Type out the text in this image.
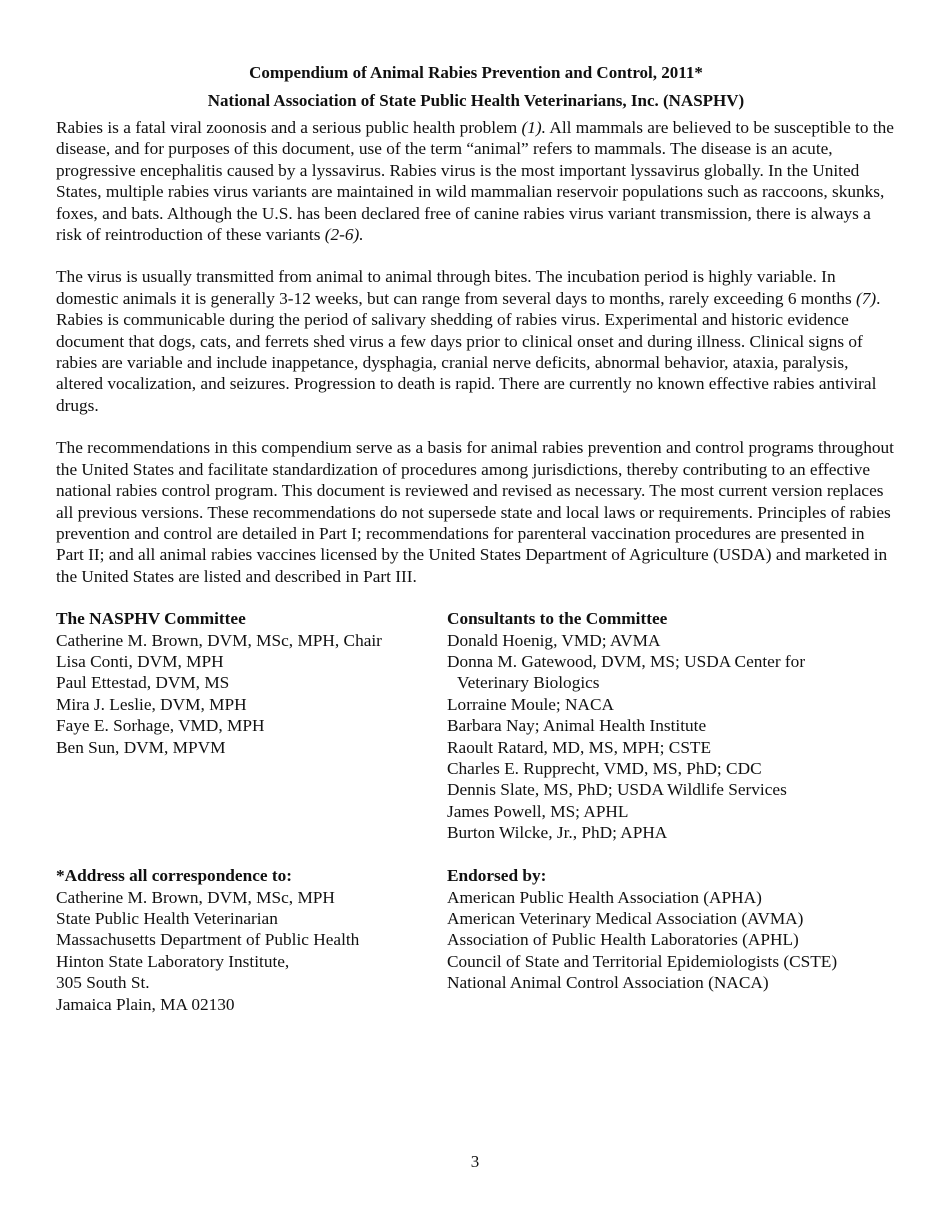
Compendium of Animal Rabies Prevention and Control, 2011*

National Association of State Public Health Veterinarians, Inc. (NASPHV)

Rabies is a fatal viral zoonosis and a serious public health problem (1). All mammals are believed to be susceptible to the disease, and for purposes of this document, use of the term “animal” refers to mammals. The disease is an acute, progressive encephalitis caused by a lyssavirus. Rabies virus is the most important lyssavirus globally. In the United States, multiple rabies virus variants are maintained in wild mammalian reservoir populations such as raccoons, skunks, foxes, and bats. Although the U.S. has been declared free of canine rabies virus variant transmission, there is always a risk of reintroduction of these variants (2-6).

The virus is usually transmitted from animal to animal through bites. The incubation period is highly variable. In domestic animals it is generally 3-12 weeks, but can range from several days to months, rarely exceeding 6 months (7). Rabies is communicable during the period of salivary shedding of rabies virus. Experimental and historic evidence document that dogs, cats, and ferrets shed virus a few days prior to clinical onset and during illness. Clinical signs of rabies are variable and include inappetance, dysphagia, cranial nerve deficits, abnormal behavior, ataxia, paralysis, altered vocalization, and seizures. Progression to death is rapid. There are currently no known effective rabies antiviral drugs.

The recommendations in this compendium serve as a basis for animal rabies prevention and control programs throughout the United States and facilitate standardization of procedures among jurisdictions, thereby contributing to an effective national rabies control program. This document is reviewed and revised as necessary. The most current version replaces all previous versions. These recommendations do not supersede state and local laws or requirements. Principles of rabies prevention and control are detailed in Part I; recommendations for parenteral vaccination procedures are presented in Part II; and all animal rabies vaccines licensed by the United States Department of Agriculture (USDA) and marketed in the United States are listed and described in Part III.

The NASPHV Committee
Catherine M. Brown, DVM, MSc, MPH, Chair
Lisa Conti, DVM, MPH
Paul Ettestad, DVM, MS
Mira J. Leslie, DVM, MPH
Faye E. Sorhage, VMD, MPH
Ben Sun, DVM, MPVM
Consultants to the Committee
Donald Hoenig, VMD; AVMA
Donna M. Gatewood, DVM, MS; USDA Center for
Veterinary Biologics
Lorraine Moule; NACA
Barbara Nay; Animal Health Institute
Raoult Ratard, MD, MS, MPH; CSTE
Charles E. Rupprecht, VMD, MS, PhD; CDC
Dennis Slate, MS, PhD; USDA Wildlife Services
James Powell, MS; APHL
Burton Wilcke, Jr., PhD; APHA
*Address all correspondence to:
Catherine M. Brown, DVM, MSc, MPH
State Public Health Veterinarian
Massachusetts Department of Public Health
Hinton State Laboratory Institute,
305 South St.
Jamaica Plain, MA 02130
Endorsed by:
American Public Health Association (APHA)
American Veterinary Medical Association (AVMA)
Association of Public Health Laboratories (APHL)
Council of State and Territorial Epidemiologists (CSTE)
National Animal Control Association (NACA)
3
